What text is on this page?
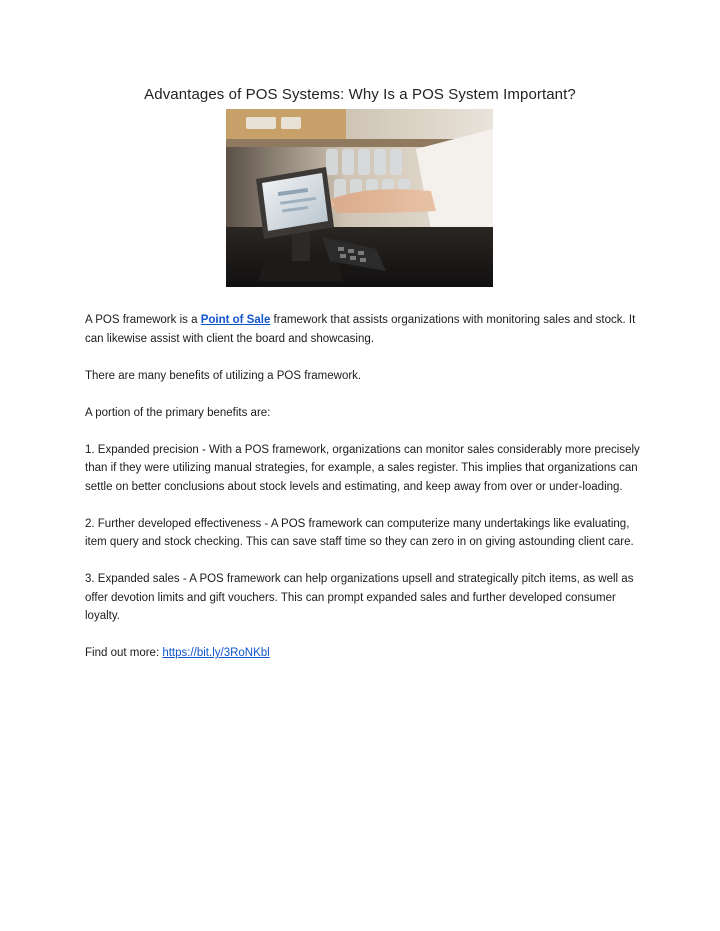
Advantages of POS Systems: Why Is a POS System Important?

A POS framework is a Point of Sale framework that assists organizations with monitoring sales and stock. It can likewise assist with client the board and showcasing.

There are many benefits of utilizing a POS framework.

A portion of the primary benefits are:

1. Expanded precision - With a POS framework, organizations can monitor sales considerably more precisely than if they were utilizing manual strategies, for example, a sales register. This implies that organizations can settle on better conclusions about stock levels and estimating, and keep away from over or under-loading.

2. Further developed effectiveness - A POS framework can computerize many undertakings like evaluating, item query and stock checking. This can save staff time so they can zero in on giving astounding client care.

3. Expanded sales - A POS framework can help organizations upsell and strategically pitch items, as well as offer devotion limits and gift vouchers. This can prompt expanded sales and further developed consumer loyalty.

Find out more: https://bit.ly/3RoNKbl
